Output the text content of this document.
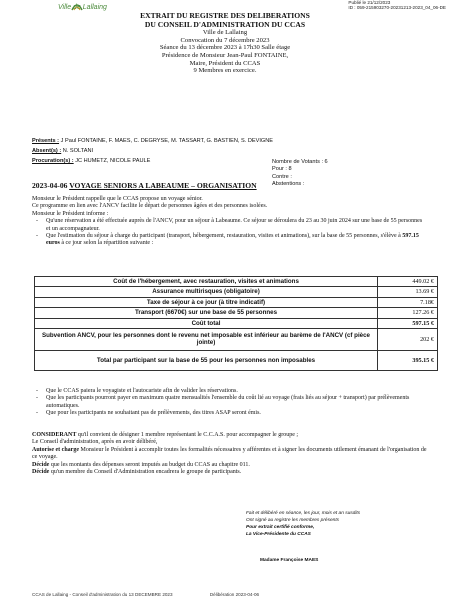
Ville de Lallaing
Publié le 21/12/2023
ID : 059-215903270-20231213-2023_04_06-DE
EXTRAIT DU REGISTRE DES DELIBERATIONS
DU CONSEIL D'ADMINISTRATION DU CCAS
Ville de Lallaing
Convocation du 7 décembre 2023
Séance du 13 décembre 2023 à 17h30 Salle étage
Présidence de Monsieur Jean-Paul FONTAINE,
Maire, Président du CCAS
9 Membres en exercice.
Présents : J Paul FONTAINE, F. MAES, C. DEGRYSE, M. TASSART, G. BASTIEN, S. DEVIGNE
Absent(s) : N. SOLTANI
Procuration(s) : JC HUMETZ, NICOLE PAULE	Nombre de Votants : 6
Pour : 8
Contre :
Abstentions :
2023-04-06 VOYAGE SENIORS A LABEAUME – ORGANISATION

Monsieur le Président rappelle que le CCAS propose un voyage sénior.

Ce programme en lien avec l'ANCV facilite le départ de personnes âgées et des personnes isolées.

Monsieur le Président informe :

- Qu'une réservation a été effectuée auprès de l'ANCV, pour un séjour à Labeaume. Ce séjour se déroulera du 23 au 30 juin 2024 sur une base de 55 personnes et un accompagnateur.

- Que l'estimation du séjour à charge du participant (transport, hébergement, restauration, visites et animations), sur la base de 55 personnes, s'élève à 597.15 euros à ce jour selon la répartition suivante :

Coût de l'hébergement, avec restauration, visites et animations	449.02 €
Assurance multirisques (obligatoire)	13.69 €
Taxe de séjour à ce jour (à titre indicatif)	7.18€
Transport (6670€) sur une base de 55 personnes	127.26 €
Coût total	597.15 €
Subvention ANCV, pour les personnes dont le revenu net imposable est inférieur au barème de l'ANCV (cf pièce jointe)	202 €
Total par participant sur la base de 55 pour les personnes non imposables	395.15 €

- Que le CCAS paiera le voyagiste et l'autocariste afin de valider les réservations.

- Que les participants pourront payer en maximum quatre mensualités l'ensemble du coût lié au voyage (frais liés au séjour + transport) par prélèvements automatiques.

- Que pour les participants ne souhaitant pas de prélèvements, des titres ASAP seront émis.

CONSIDERANT qu'il convient de désigner 1 membre représentant le C.C.A.S. pour accompagner le groupe ;

Le Conseil d'administration, après en avoir délibéré,

Autorise et charge Monsieur le Président à accomplir toutes les formalités nécessaires y afférentes et à signer les documents utilement émanant de l'organisation de ce voyage.

Décide que les montants des dépenses seront imputés au budget du CCAS au chapitre 011.

Décide qu'un membre du Conseil d'Administration encadrera le groupe de participants.

Fait et délibéré en séance, les jour, mois et an susdits
Ont signé au registre les membres présents
Pour extrait certifié conforme,
La Vice-Présidente du CCAS
Madame Françoise MAES
CCAS de Lallaing - Conseil d'administration du 13 DECEMBRE 2023	Délibération 2023-04-06
